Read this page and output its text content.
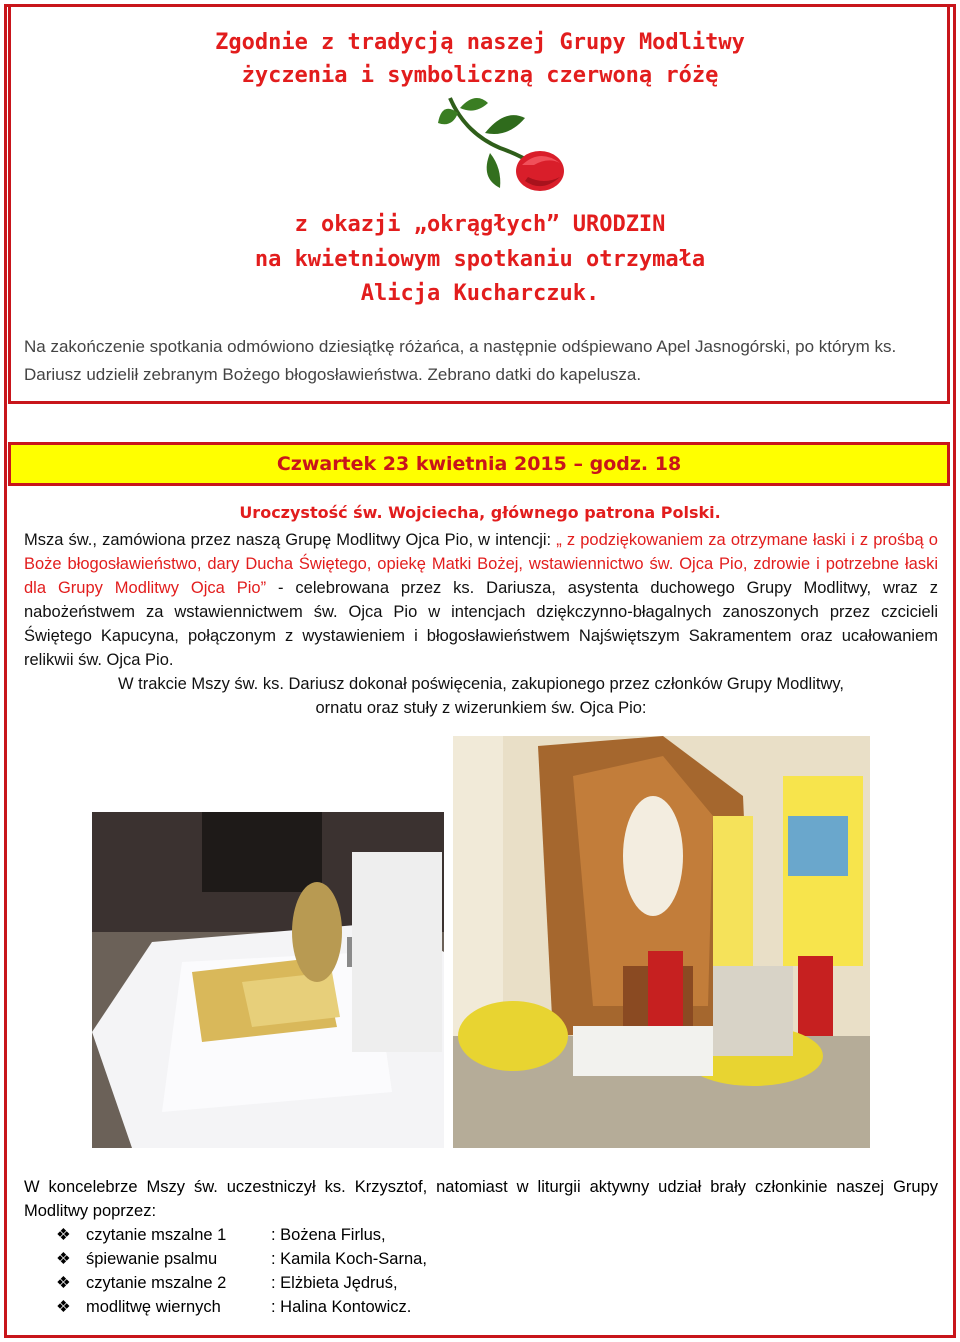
Zgodnie z tradycją naszej Grupy Modlitwy
życzenia i symboliczną czerwoną różę
z okazji „okrągłych” URODZIN
na kwietniowym spotkaniu otrzymała
Alicja Kucharczuk.
Na zakończenie spotkania odmówiono dziesiątkę różańca, a następnie odśpiewano Apel Jasnogórski, po którym ks. Dariusz udzielił zebranym Bożego błogosławieństwa. Zebrano datki do kapelusza.
Czwartek 23 kwietnia 2015 – godz. 18
Uroczystość św. Wojciecha, głównego patrona Polski.
Msza św., zamówiona przez naszą Grupę Modlitwy Ojca Pio, w intencji: „ z podziękowaniem za otrzymane łaski i z prośbą o Boże błogosławieństwo, dary Ducha Świętego, opiekę Matki Bożej, wstawiennictwo św. Ojca Pio, zdrowie i potrzebne łaski dla Grupy Modlitwy Ojca Pio” - celebrowana przez ks. Dariusza, asystenta duchowego Grupy Modlitwy, wraz z nabożeństwem za wstawiennictwem św. Ojca Pio w intencjach dziękczynno-błagalnych zanoszonych przez czcicieli Świętego Kapucyna, połączonym z wystawieniem i błogosławieństwem Najświętszym Sakramentem oraz ucałowaniem relikwii św. Ojca Pio.
W trakcie Mszy św. ks. Dariusz dokonał poświęcenia, zakupionego przez członków Grupy Modlitwy,
ornatu oraz stuły z wizerunkiem św. Ojca Pio:
W koncelebrze Mszy św. uczestniczył ks. Krzysztof, natomiast w liturgii aktywny udział brały członkinie naszej Grupy Modlitwy poprzez:
❖ czytanie mszalne 1	: Bożena Firlus,
❖ śpiewanie psalmu	: Kamila Koch-Sarna,
❖ czytanie mszalne 2	: Elżbieta Jędruś,
❖ modlitwę wiernych	: Halina Kontowicz.
